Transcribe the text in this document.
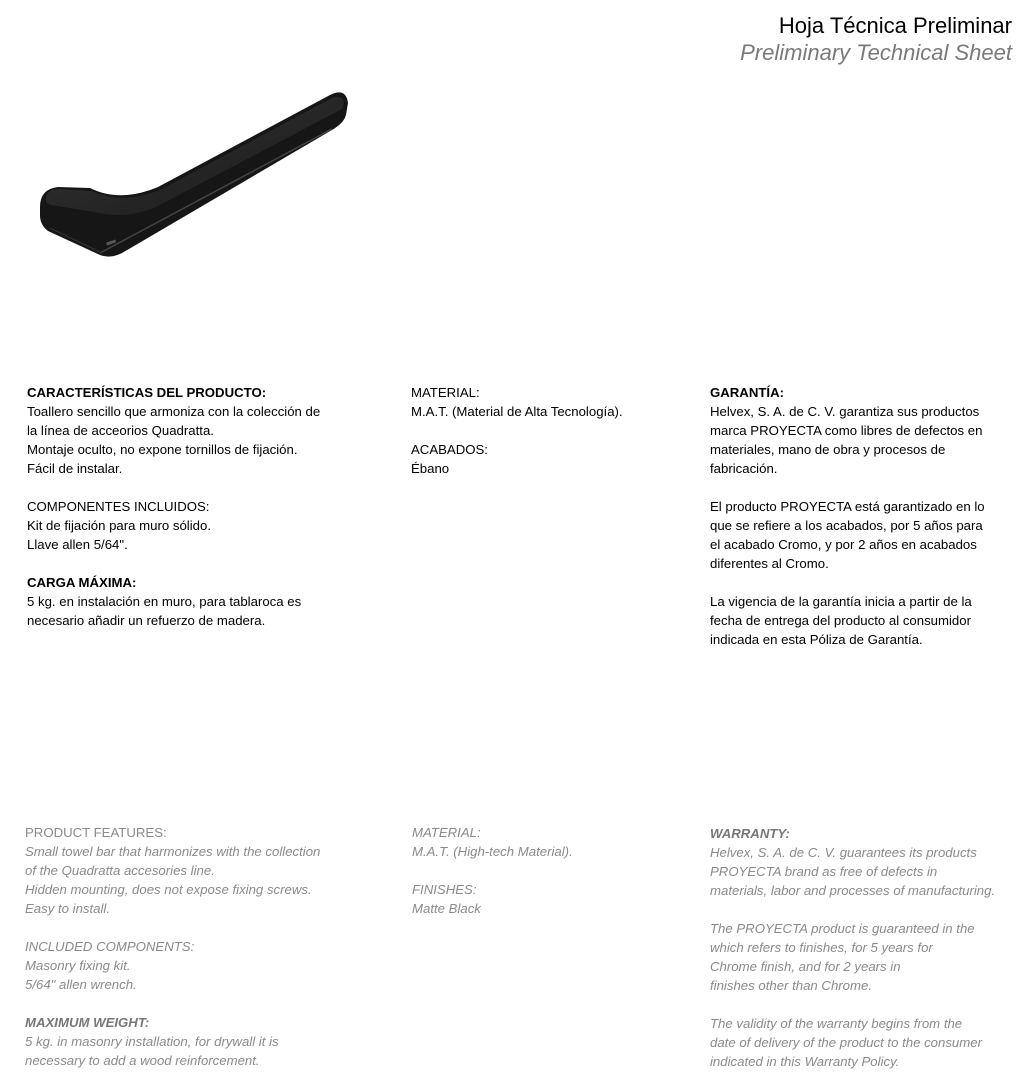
Hoja Técnica Preliminar
Preliminary Technical Sheet

CARACTERÍSTICAS DEL PRODUCTO:

Toallero sencillo que armoniza con la colección de

la línea de acceorios Quadratta.

Montaje oculto, no expone tornillos de fijación.

Fácil de instalar.

COMPONENTES INCLUIDOS:

Kit de fijación para muro sólido.

Llave allen 5/64".

CARGA MÁXIMA:

5 kg. en instalación en muro, para tablaroca es

necesario añadir un refuerzo de madera.

MATERIAL:

M.A.T. (Material de Alta Tecnología).

ACABADOS:

Ébano

GARANTÍA:

Helvex, S. A. de C. V. garantiza sus productos

marca PROYECTA como libres de defectos en

materiales, mano de obra y procesos de

fabricación.

El producto PROYECTA está garantizado en lo

que se refiere a los acabados, por 5 años para

el acabado Cromo, y por 2 años en acabados

diferentes al Cromo.

La vigencia de la garantía inicia a partir de la

fecha de entrega del producto al consumidor

indicada en esta Póliza de Garantía.

PRODUCT FEATURES:

Small towel bar that harmonizes with the collection

of the Quadratta accesories line.

Hidden mounting, does not expose fixing screws.

Easy to install.

INCLUDED COMPONENTS:

Masonry fixing kit.

5/64" allen wrench.

MAXIMUM WEIGHT:

5 kg. in masonry installation, for drywall it is

necessary to add a wood reinforcement.

MATERIAL:

M.A.T. (High-tech Material).

FINISHES:

Matte Black

WARRANTY:

Helvex, S. A. de C. V. guarantees its products

PROYECTA brand as free of defects in

materials, labor and processes of manufacturing.

The PROYECTA product is guaranteed in the

which refers to finishes, for 5 years for

Chrome finish, and for 2 years in

finishes other than Chrome.

The validity of the warranty begins from the

date of delivery of the product to the consumer

indicated in this Warranty Policy.
